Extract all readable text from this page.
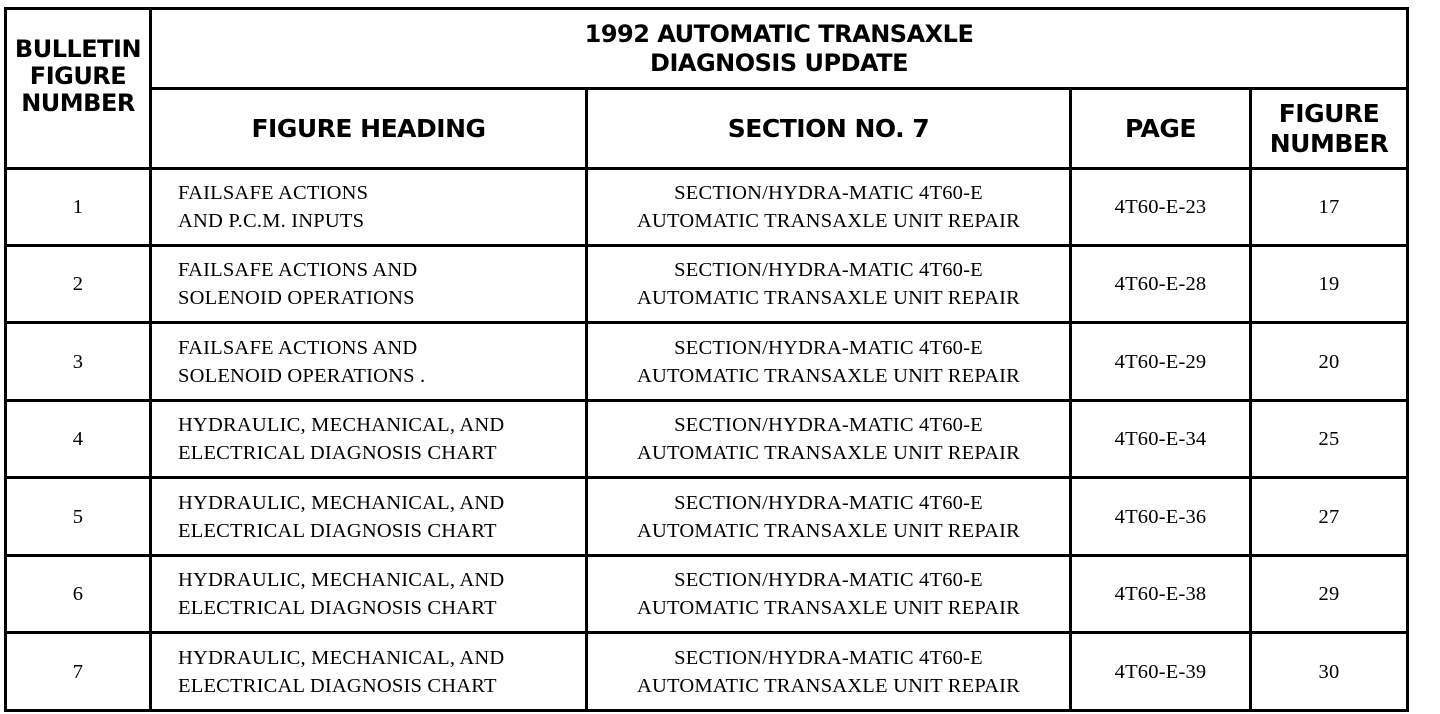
BULLETIN
FIGURE
NUMBER	1992 AUTOMATIC TRANSAXLE
DIAGNOSIS UPDATE			

	FIGURE HEADING	SECTION NO. 7	PAGE	FIGURE
NUMBER

1	FAILSAFE ACTIONS
AND P.C.M. INPUTS	SECTION/HYDRA-MATIC 4T60-E
AUTOMATIC TRANSAXLE UNIT REPAIR	4T60-E-23	17
2	FAILSAFE ACTIONS AND
SOLENOID OPERATIONS	SECTION/HYDRA-MATIC 4T60-E
AUTOMATIC TRANSAXLE UNIT REPAIR	4T60-E-28	19
3	FAILSAFE ACTIONS AND
SOLENOID OPERATIONS .	SECTION/HYDRA-MATIC 4T60-E
AUTOMATIC TRANSAXLE UNIT REPAIR	4T60-E-29	20
4	HYDRAULIC, MECHANICAL, AND
ELECTRICAL DIAGNOSIS CHART	SECTION/HYDRA-MATIC 4T60-E
AUTOMATIC TRANSAXLE UNIT REPAIR	4T60-E-34	25
5	HYDRAULIC, MECHANICAL, AND
ELECTRICAL DIAGNOSIS CHART	SECTION/HYDRA-MATIC 4T60-E
AUTOMATIC TRANSAXLE UNIT REPAIR	4T60-E-36	27
6	HYDRAULIC, MECHANICAL, AND
ELECTRICAL DIAGNOSIS CHART	SECTION/HYDRA-MATIC 4T60-E
AUTOMATIC TRANSAXLE UNIT REPAIR	4T60-E-38	29
7	HYDRAULIC, MECHANICAL, AND
ELECTRICAL DIAGNOSIS CHART	SECTION/HYDRA-MATIC 4T60-E
AUTOMATIC TRANSAXLE UNIT REPAIR	4T60-E-39	30
